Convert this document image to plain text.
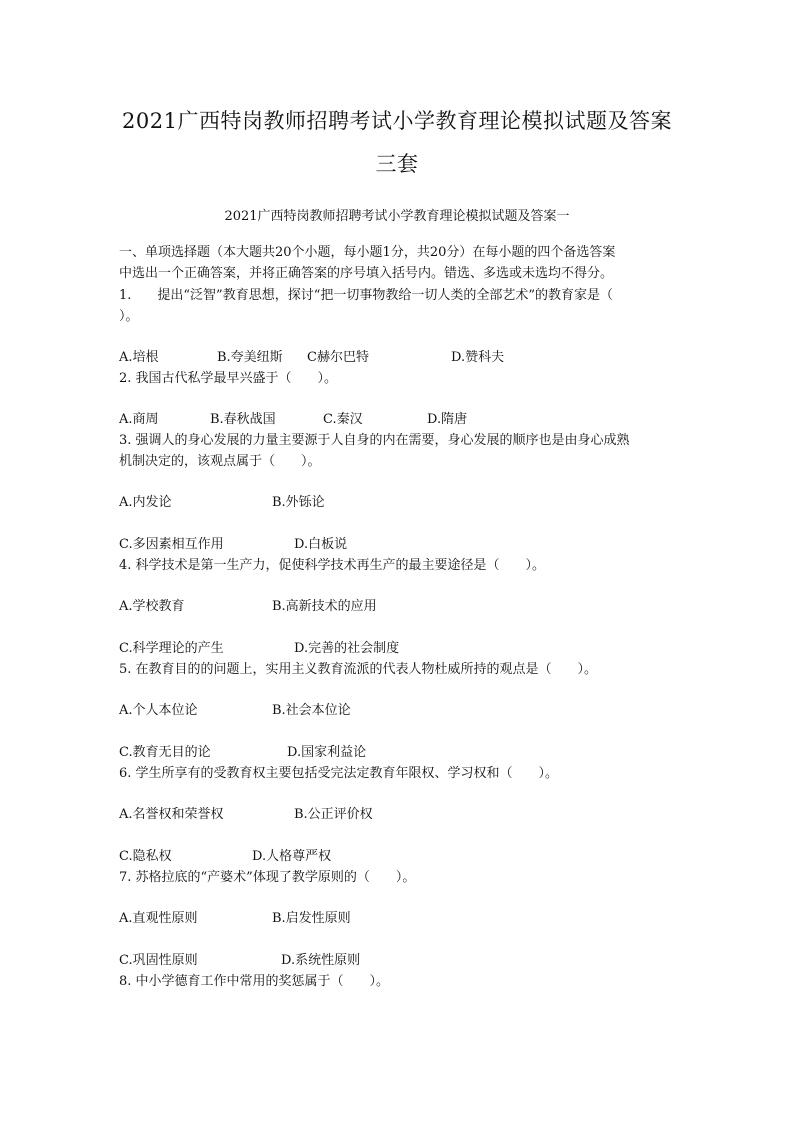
2021广西特岗教师招聘考试小学教育理论模拟试题及答案
三套
2021广西特岗教师招聘考试小学教育理论模拟试题及答案一
一、单项选择题（本大题共20个小题，每小题1分，共20分）在每小题的四个备选答案
中选出一个正确答案，并将正确答案的序号填入括号内。错选、多选或未选均不得分。
1.　　提出“泛智”教育思想，探讨“把一切事物教给一切人类的全部艺术”的教育家是（
）。
A.培根	B.夸美纽斯 C赫尔巴特	D.赞科夫
2. 我国古代私学最早兴盛于（　　）。
A.商周	B.春秋战国	C.秦汉	D.隋唐
3. 强调人的身心发展的力量主要源于人自身的内在需要，身心发展的顺序也是由身心成熟
机制决定的，该观点属于（　　）。
A.内发论	B.外铄论
C.多因素相互作用	D.白板说
4. 科学技术是第一生产力，促使科学技术再生产的最主要途径是（　　）。
A.学校教育	B.高新技术的应用
C.科学理论的产生	D.完善的社会制度
5. 在教育目的的问题上，实用主义教育流派的代表人物杜威所持的观点是（　　）。
A.个人本位论	B.社会本位论
C.教育无目的论	D.国家利益论
6. 学生所享有的受教育权主要包括受完法定教育年限权、学习权和（　　）。
A.名誉权和荣誉权	B.公正评价权
C.隐私权	D.人格尊严权
7. 苏格拉底的“产婆术”体现了教学原则的（　　）。
A.直观性原则	B.启发性原则
C.巩固性原则	D.系统性原则
8. 中小学德育工作中常用的奖惩属于（　　）。
